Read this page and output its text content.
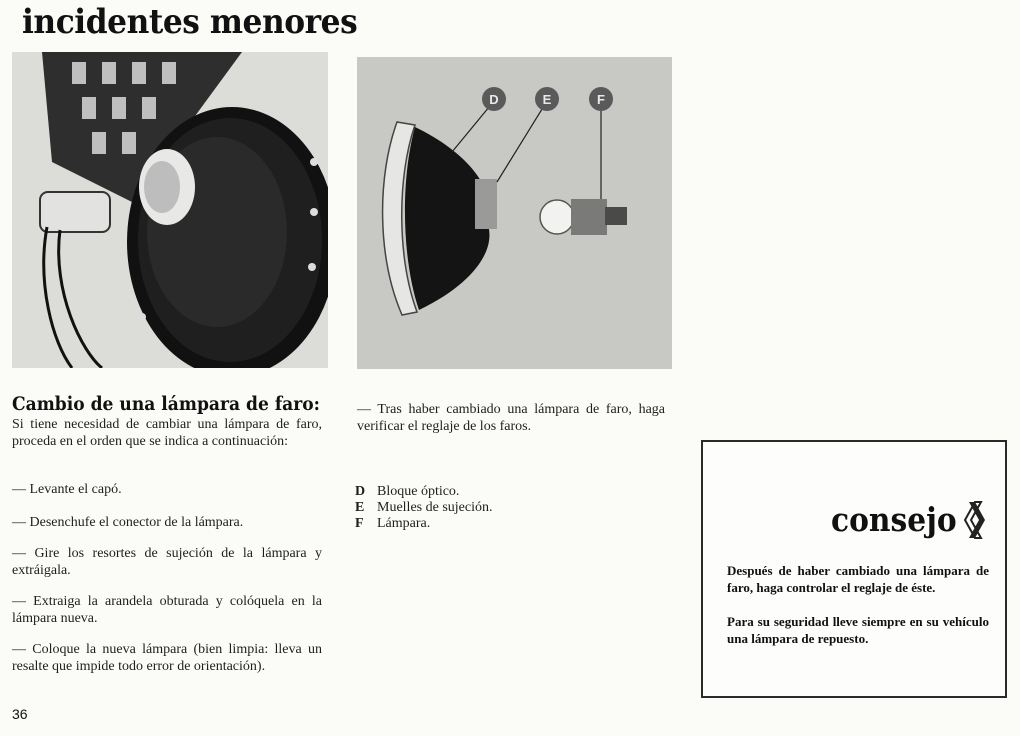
incidentes menores
D	E	F
Cambio de una lámpara de faro:
Si tiene necesidad de cambiar una lámpara de faro, proceda en el orden que se indica a continuación:
— Levante el capó.
— Desenchufe el conector de la lámpara.
— Gire los resortes de sujeción de la lámpara y extráigala.
— Extraiga la arandela obturada y colóquela en la lámpara nueva.
— Coloque la nueva lámpara (bien limpia: lleva un resalte que impide todo error de orientación).
— Tras haber cambiado una lámpara de faro, haga verificar el reglaje de los faros.
D Bloque óptico.
E Muelles de sujeción.
F Lámpara.	consejo
Después de haber cambiado una lámpara de faro, haga controlar el reglaje de éste.
Para su seguridad lleve siempre en su vehículo una lámpara de repuesto.
36
